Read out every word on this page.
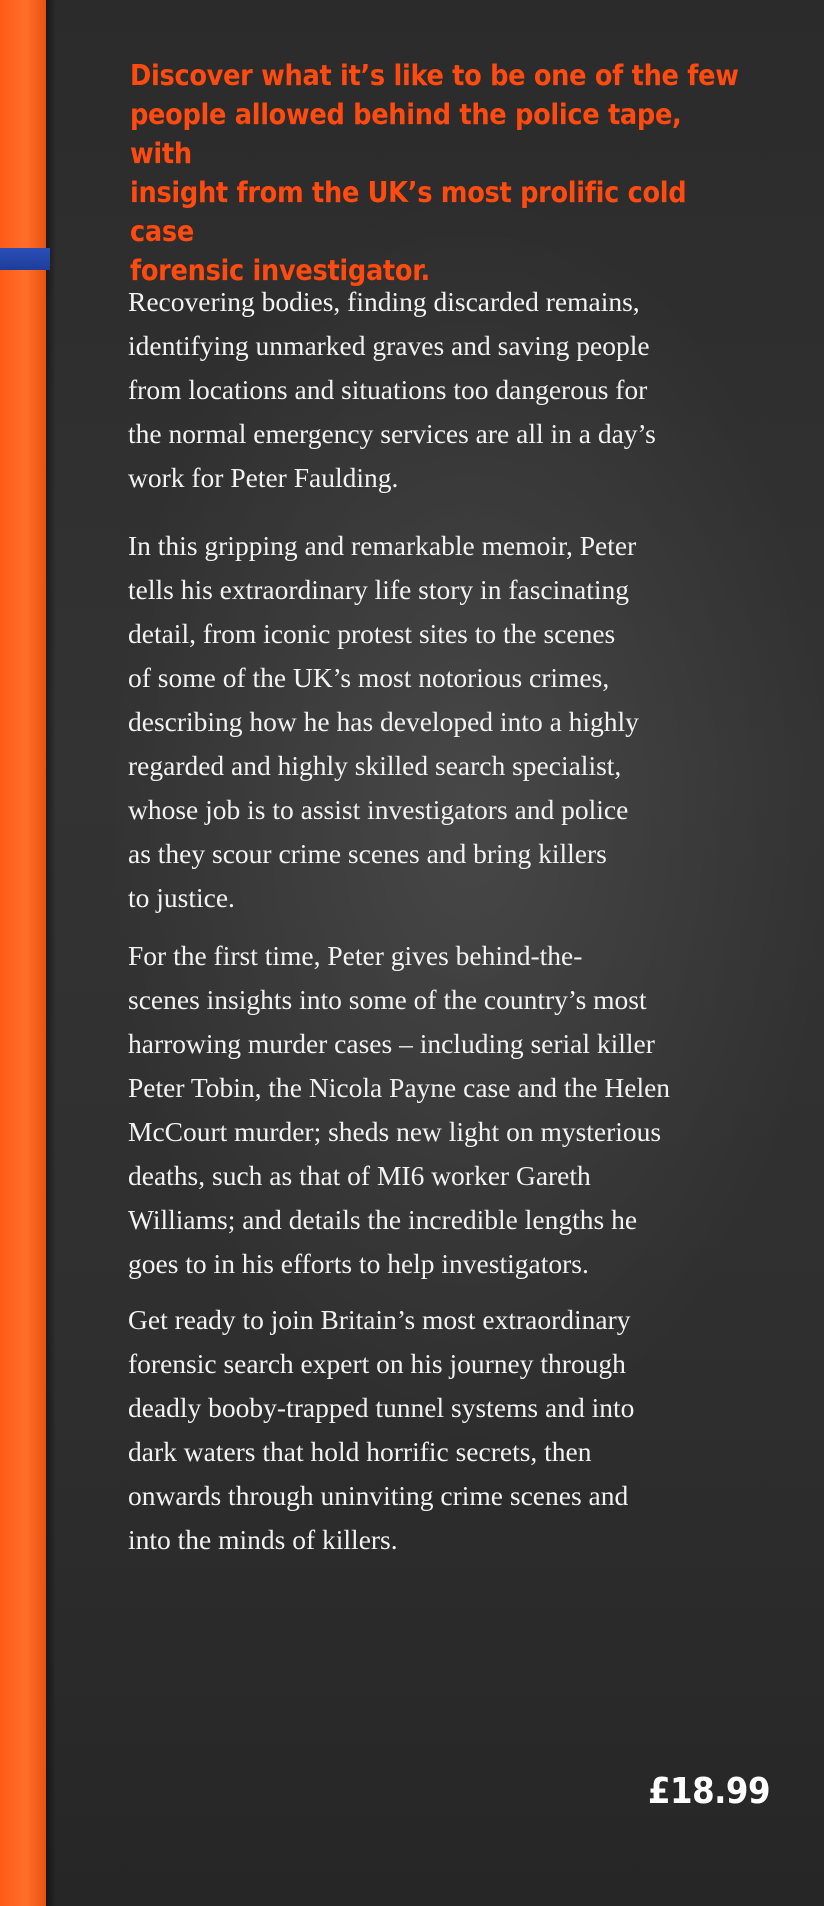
Discover what it’s like to be one of the few
people allowed behind the police tape, with
insight from the UK’s most prolific cold case
forensic investigator.

Recovering bodies, finding discarded remains,
identifying unmarked graves and saving people
from locations and situations too dangerous for
the normal emergency services are all in a day’s
work for Peter Faulding.

In this gripping and remarkable memoir, Peter
tells his extraordinary life story in fascinating
detail, from iconic protest sites to the scenes
of some of the UK’s most notorious crimes,
describing how he has developed into a highly
regarded and highly skilled search specialist,
whose job is to assist investigators and police
as they scour crime scenes and bring killers
to justice.

For the first time, Peter gives behind-the-
scenes insights into some of the country’s most
harrowing murder cases – including serial killer
Peter Tobin, the Nicola Payne case and the Helen
McCourt murder; sheds new light on mysterious
deaths, such as that of MI6 worker Gareth
Williams; and details the incredible lengths he
goes to in his efforts to help investigators.

Get ready to join Britain’s most extraordinary
forensic search expert on his journey through
deadly booby-trapped tunnel systems and into
dark waters that hold horrific secrets, then
onwards through uninviting crime scenes and
into the minds of killers.

£18.99
